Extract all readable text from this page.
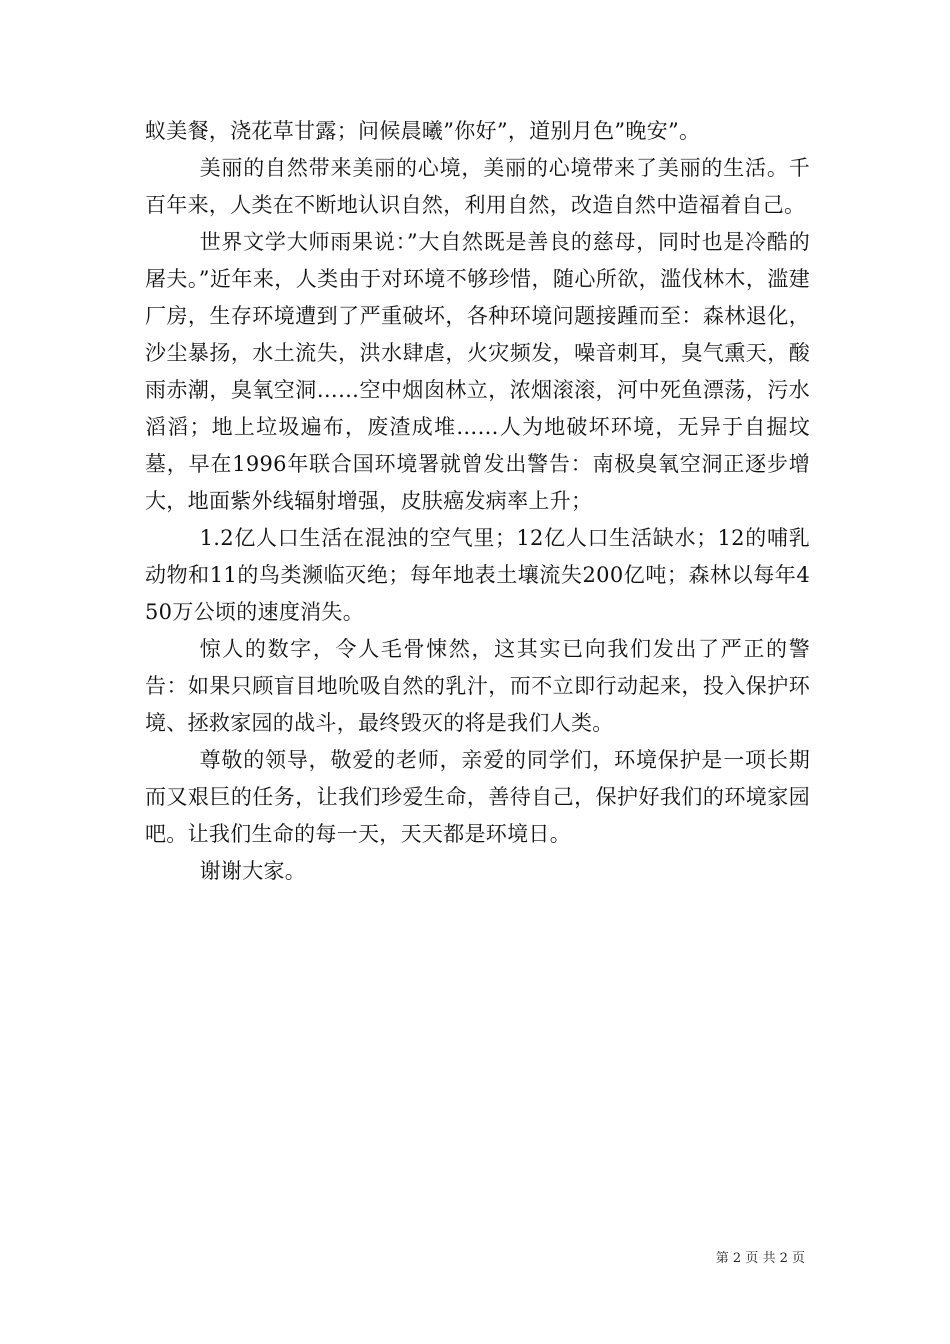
蚁美餐，浇花草甘露；问候晨曦”你好”，道别月色”晚安”。

美丽的自然带来美丽的心境，美丽的心境带来了美丽的生活。千百年来，人类在不断地认识自然，利用自然，改造自然中造福着自己。

世界文学大师雨果说：”大自然既是善良的慈母，同时也是冷酷的屠夫。”近年来，人类由于对环境不够珍惜，随心所欲，滥伐林木，滥建厂房，生存环境遭到了严重破坏，各种环境问题接踵而至：森林退化，沙尘暴扬，水土流失，洪水肆虐，火灾频发，噪音刺耳，臭气熏天，酸雨赤潮，臭氧空洞……空中烟囱林立，浓烟滚滚，河中死鱼漂荡，污水滔滔；地上垃圾遍布，废渣成堆……人为地破坏环境，无异于自掘坟墓，早在1996年联合国环境署就曾发出警告：南极臭氧空洞正逐步增大，地面紫外线辐射增强，皮肤癌发病率上升；

1.2亿人口生活在混浊的空气里；12亿人口生活缺水；12的哺乳动物和11的鸟类濒临灭绝；每年地表土壤流失200亿吨；森林以每年450万公顷的速度消失。

惊人的数字，令人毛骨悚然，这其实已向我们发出了严正的警告：如果只顾盲目地吮吸自然的乳汁，而不立即行动起来，投入保护环境、拯救家园的战斗，最终毁灭的将是我们人类。

尊敬的领导，敬爱的老师，亲爱的同学们，环境保护是一项长期而又艰巨的任务，让我们珍爱生命，善待自己，保护好我们的环境家园吧。让我们生命的每一天，天天都是环境日。

谢谢大家。

第 2 页 共 2 页
